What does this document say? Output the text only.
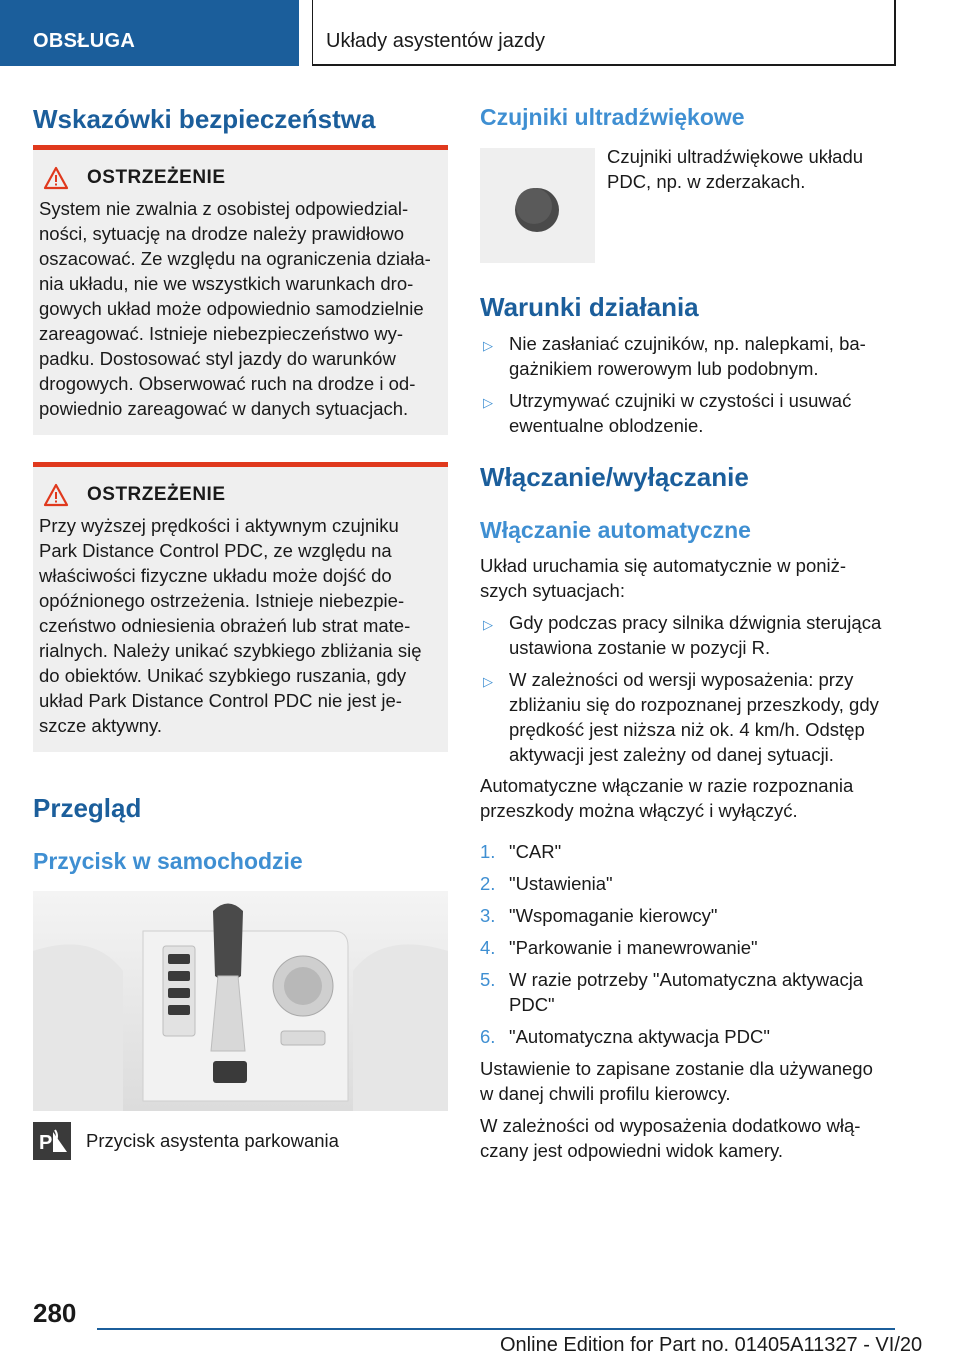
OBSŁUGA	Układy asystentów jazdy
Wskazówki bezpieczeństwa
OSTRZEŻENIE

System nie zwalnia z osobistej odpowiedzial-

ności, sytuację na drodze należy prawidłowo

oszacować. Ze względu na ograniczenia działa-

nia układu, nie we wszystkich warunkach dro-

gowych układ może odpowiednio samodzielnie

zareagować. Istnieje niebezpieczeństwo wy-

padku. Dostosować styl jazdy do warunków

drogowych. Obserwować ruch na drodze i od-

powiednio zareagować w danych sytuacjach.

OSTRZEŻENIE

Przy wyższej prędkości i aktywnym czujniku

Park Distance Control PDC, ze względu na

właściwości fizyczne układu może dojść do

opóźnionego ostrzeżenia. Istnieje niebezpie-

czeństwo odniesienia obrażeń lub strat mate-

rialnych. Należy unikać szybkiego zbliżania się

do obiektów. Unikać szybkiego ruszania, gdy

układ Park Distance Control PDC nie jest je-

szcze aktywny.

Przegląd
Przycisk w samochodzie
P Przycisk asystenta parkowania
Czujniki ultradźwiękowe

Czujniki ultradźwiękowe układu

PDC, np. w zderzakach.

Warunki działania
▷ Nie zasłaniać czujników, np. nalepkami, ba-
gażnikiem rowerowym lub podobnym.
▷ Utrzymywać czujniki w czystości i usuwać
ewentualne oblodzenie.
Włączanie/wyłączanie
Włączanie automatyczne

Układ uruchamia się automatycznie w poniż-

szych sytuacjach:

▷ Gdy podczas pracy silnika dźwignia sterująca
ustawiona zostanie w pozycji R.
▷ W zależności od wersji wyposażenia: przy
zbliżaniu się do rozpoznanej przeszkody, gdy
prędkość jest niższa niż ok. 4 km/h. Odstęp
aktywacji jest zależny od danej sytuacji.

Automatyczne włączanie w razie rozpoznania

przeszkody można włączyć i wyłączyć.

1. "CAR"
2. "Ustawienia"
3. "Wspomaganie kierowcy"
4. "Parkowanie i manewrowanie"
5. W razie potrzeby "Automatyczna aktywacja
PDC"
6. "Automatyczna aktywacja PDC"

Ustawienie to zapisane zostanie dla używanego

w danej chwili profilu kierowcy.

W zależności od wyposażenia dodatkowo włą-

czany jest odpowiedni widok kamery.

280
Online Edition for Part no. 01405A11327 - VI/20
